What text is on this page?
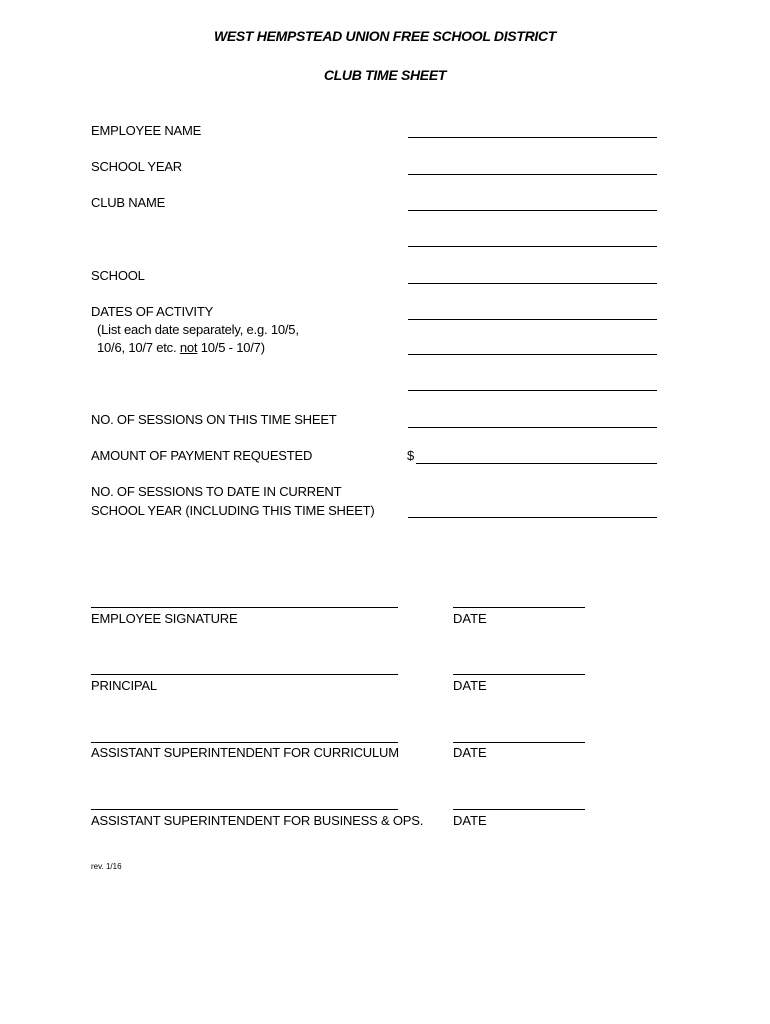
WEST HEMPSTEAD UNION FREE SCHOOL DISTRICT
CLUB TIME SHEET
EMPLOYEE NAME
SCHOOL YEAR
CLUB NAME
SCHOOL
DATES OF ACTIVITY
(List each date separately, e.g. 10/5,
10/6, 10/7 etc. not 10/5 - 10/7)
NO. OF SESSIONS ON THIS TIME SHEET
AMOUNT OF PAYMENT REQUESTED	$
NO. OF SESSIONS TO DATE IN CURRENT
SCHOOL YEAR (INCLUDING THIS TIME SHEET)
EMPLOYEE SIGNATURE	DATE
PRINCIPAL	DATE
ASSISTANT SUPERINTENDENT FOR CURRICULUM	DATE
ASSISTANT SUPERINTENDENT FOR BUSINESS & OPS. DATE
rev. 1/16
